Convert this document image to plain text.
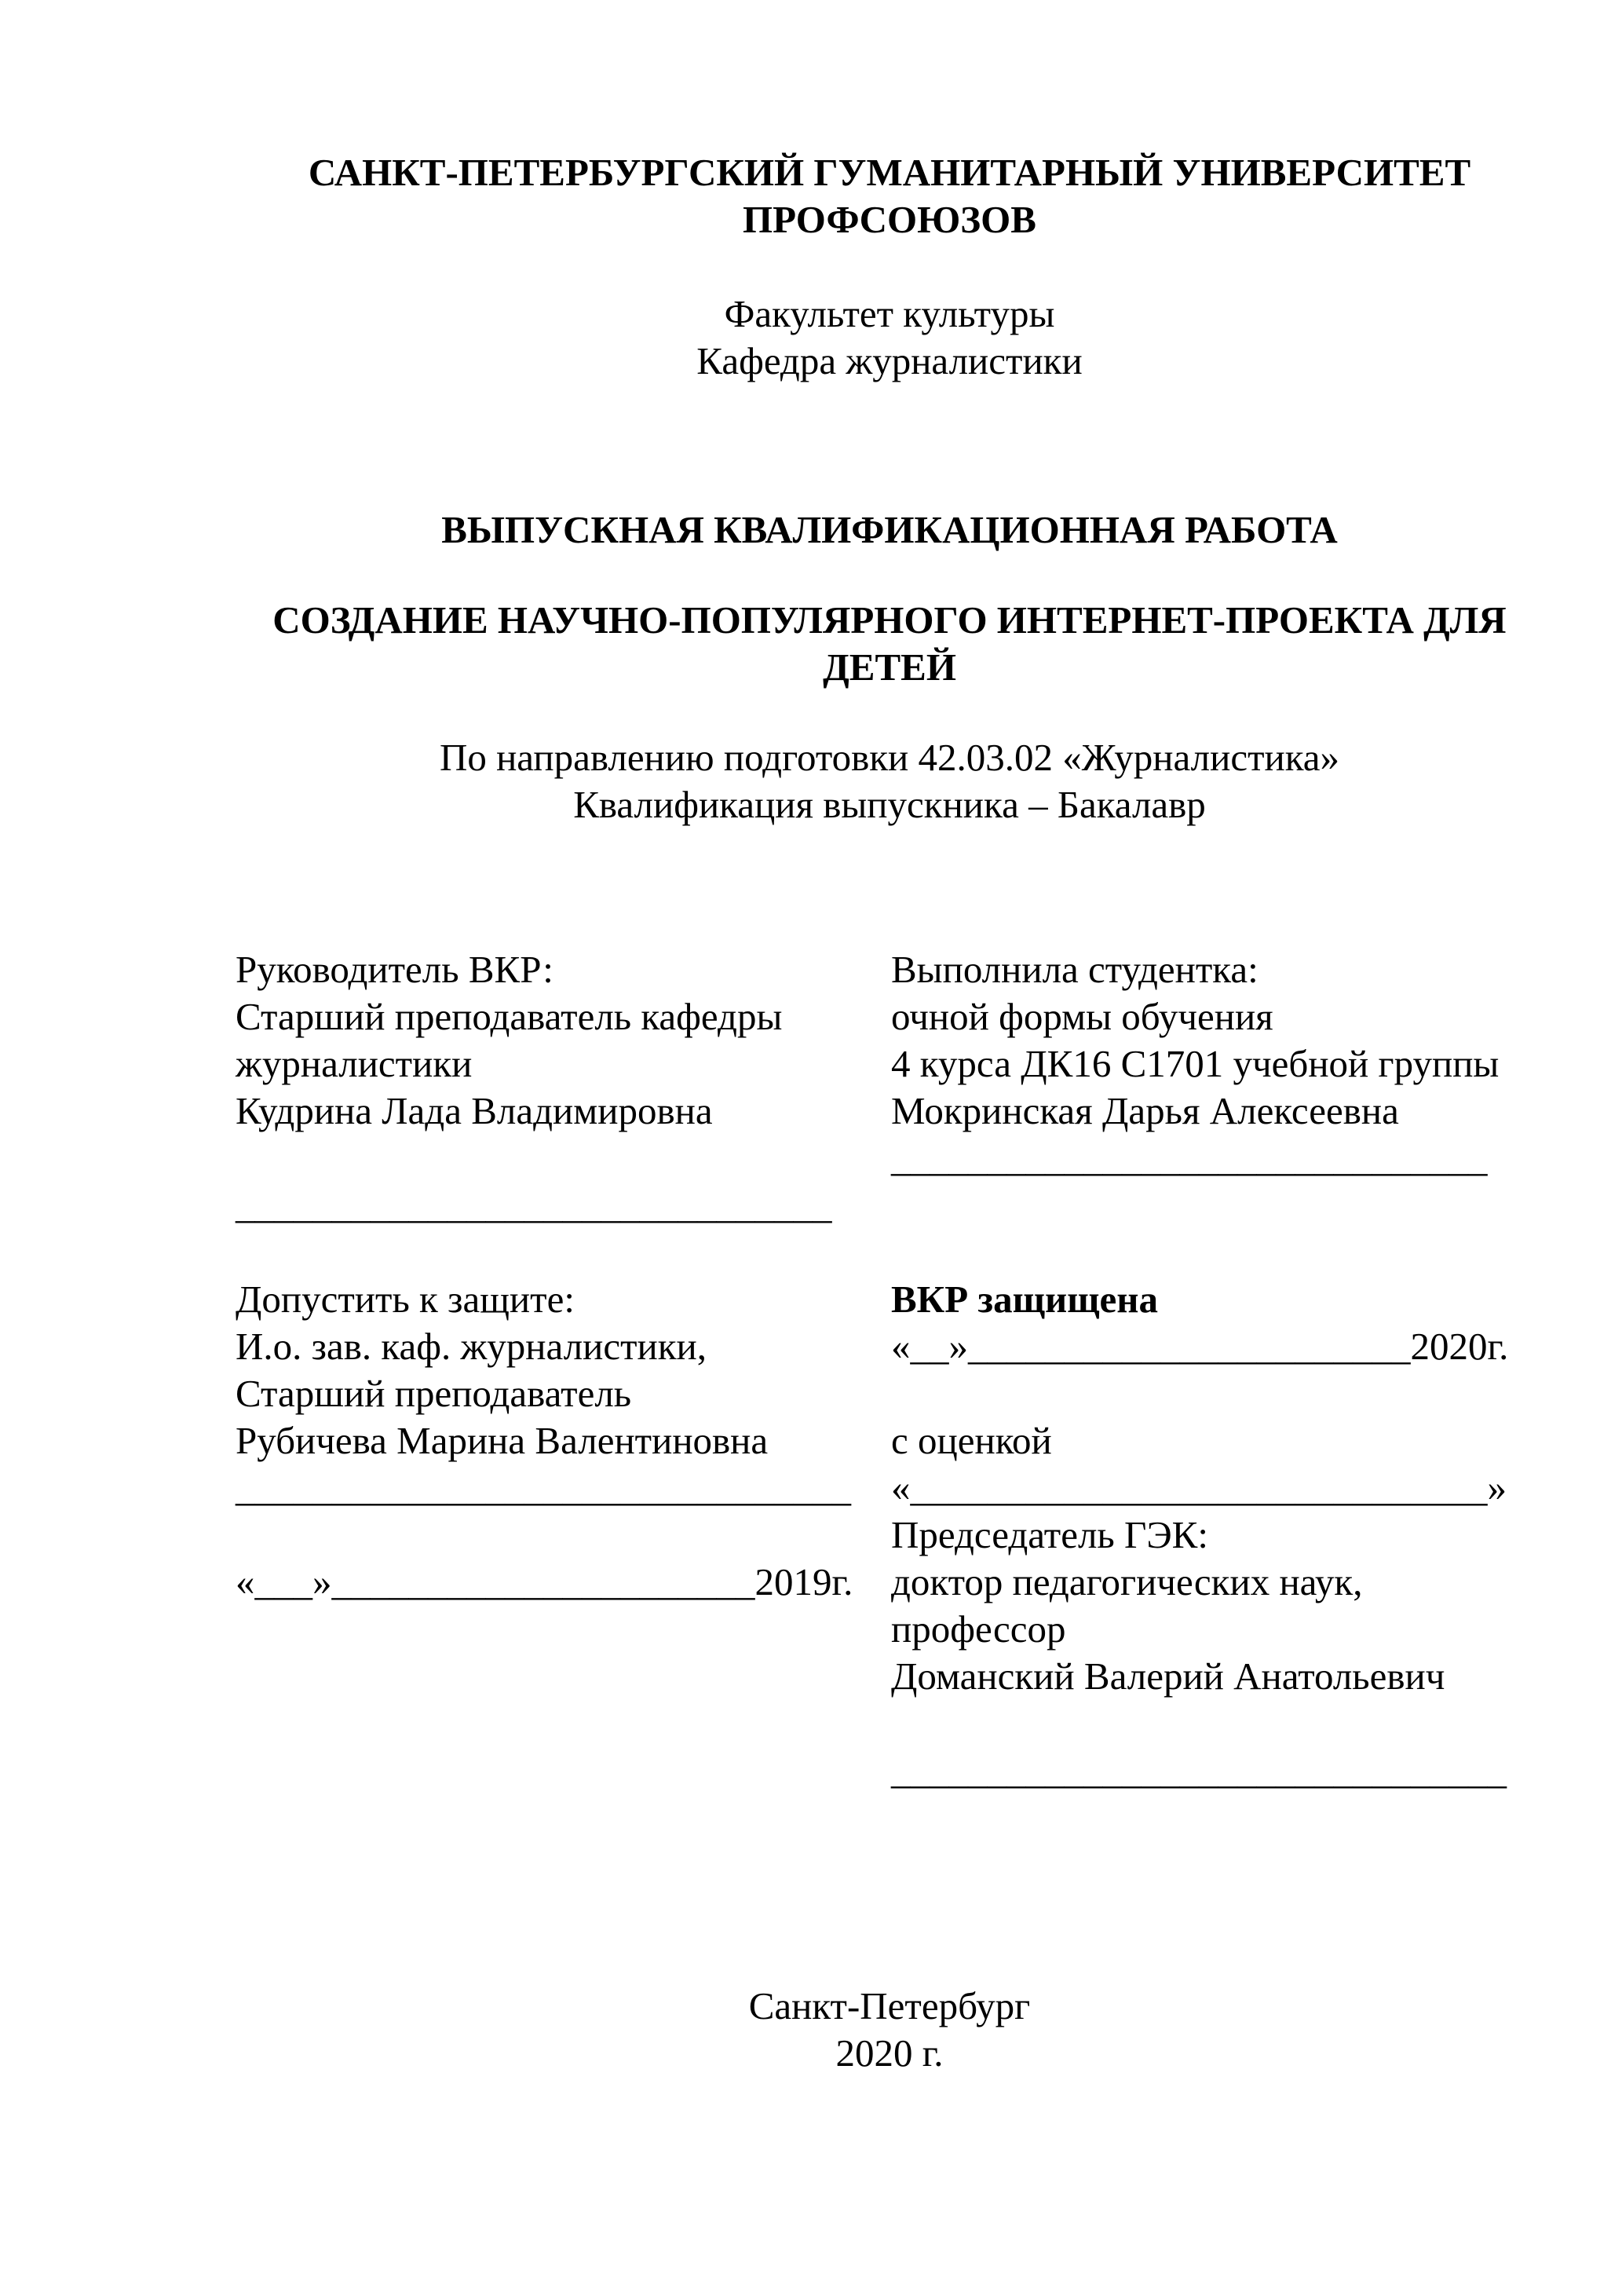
САНКТ-ПЕТЕРБУРГСКИЙ ГУМАНИТАРНЫЙ УНИВЕРСИТЕТ
ПРОФСОЮЗОВ
Факультет культуры
Кафедра журналистики
ВЫПУСКНАЯ КВАЛИФИКАЦИОННАЯ РАБОТА
СОЗДАНИЕ НАУЧНО-ПОПУЛЯРНОГО ИНТЕРНЕТ-ПРОЕКТА ДЛЯ
ДЕТЕЙ
По направлению подготовки 42.03.02 «Журналистика»
Квалификация выпускника – Бакалавр
Руководитель ВКР:
Старший преподаватель кафедры
журналистики
Кудрина Лада Владимировна
_______________________________
Допустить к защите:
И.о. зав. каф. журналистики,
Старший преподаватель
Рубичева Марина Валентиновна
________________________________
«___»______________________2019г.
Выполнила студентка:
очной формы обучения
4 курса ДК16 С1701 учебной группы
Мокринская Дарья Алексеевна
_______________________________
ВКР защищена
«__»_______________________2020г.
с оценкой
«______________________________»
Председатель ГЭК:
доктор педагогических наук,
профессор
Доманский Валерий Анатольевич
________________________________
Санкт-Петербург
2020 г.
